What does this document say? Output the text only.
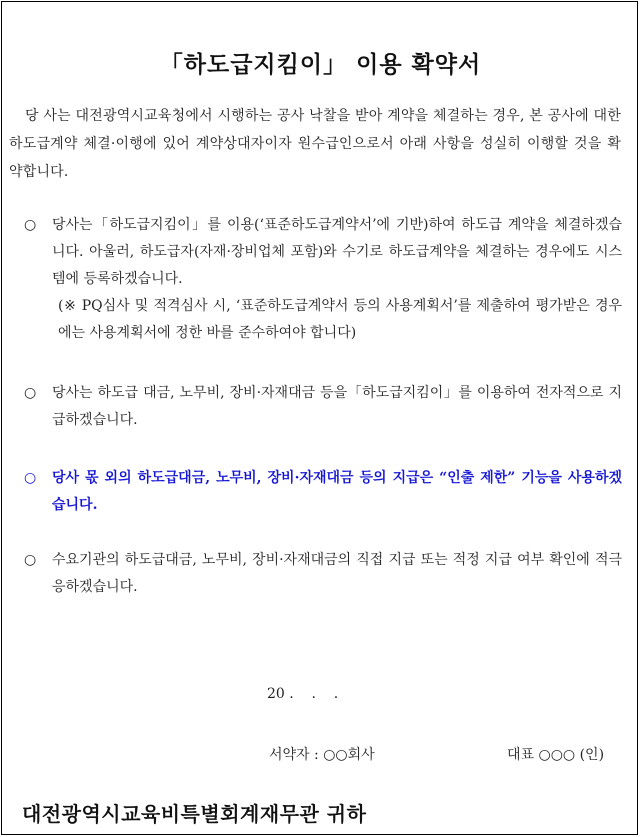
「하도급지킴이」 이용 확약서
당 사는 대전광역시교육청에서 시행하는 공사 낙찰을 받아 계약을 체결하는 경우, 본 공사에 대한 하도급계약 체결·이행에 있어 계약상대자이자 원수급인으로서 아래 사항을 성실히 이행할 것을 확약합니다.
○	당사는「하도급지킴이」를 이용(‘표준하도급계약서’에 기반)하여 하도급 계약을 체결하겠습니다. 아울러, 하도급자(자재·장비업체 포함)와 수기로 하도급계약을 체결하는 경우에도 시스템에 등록하겠습니다.
(※ PQ심사 및 적격심사 시, ‘표준하도급계약서 등의 사용계획서’를 제출하여 평가받은 경우에는 사용계획서에 정한 바를 준수하여야 합니다)
○	당사는 하도급 대금, 노무비, 장비·자재대금 등을「하도급지킴이」를 이용하여 전자적으로 지급하겠습니다.
○	당사 몫 외의 하도급대금, 노무비, 장비·자재대금 등의 지급은 “인출 제한” 기능을 사용하겠습니다.
○	수요기관의 하도급대금, 노무비, 장비·자재대금의 직접 지급 또는 적정 지급 여부 확인에 적극 응하겠습니다.
20 .    .    .
서약자 : ○○회사	대표 ○○○ (인)
대전광역시교육비특별회계재무관 귀하
